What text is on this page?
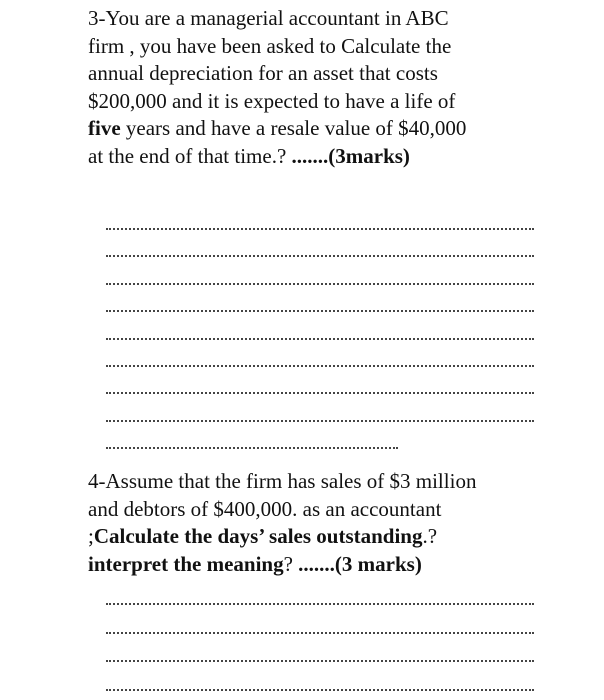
3-You are a managerial accountant in ABC
firm , you have been asked to Calculate the
annual depreciation for an asset that costs
$200,000 and it is expected to have a life of
five years and have a resale value of $40,000
at the end of that time.? .......(3marks)
4-Assume that the firm has sales of $3 million
and debtors of $400,000. as an accountant
;Calculate the days’ sales outstanding.?
interpret the meaning? .......(3 marks)
